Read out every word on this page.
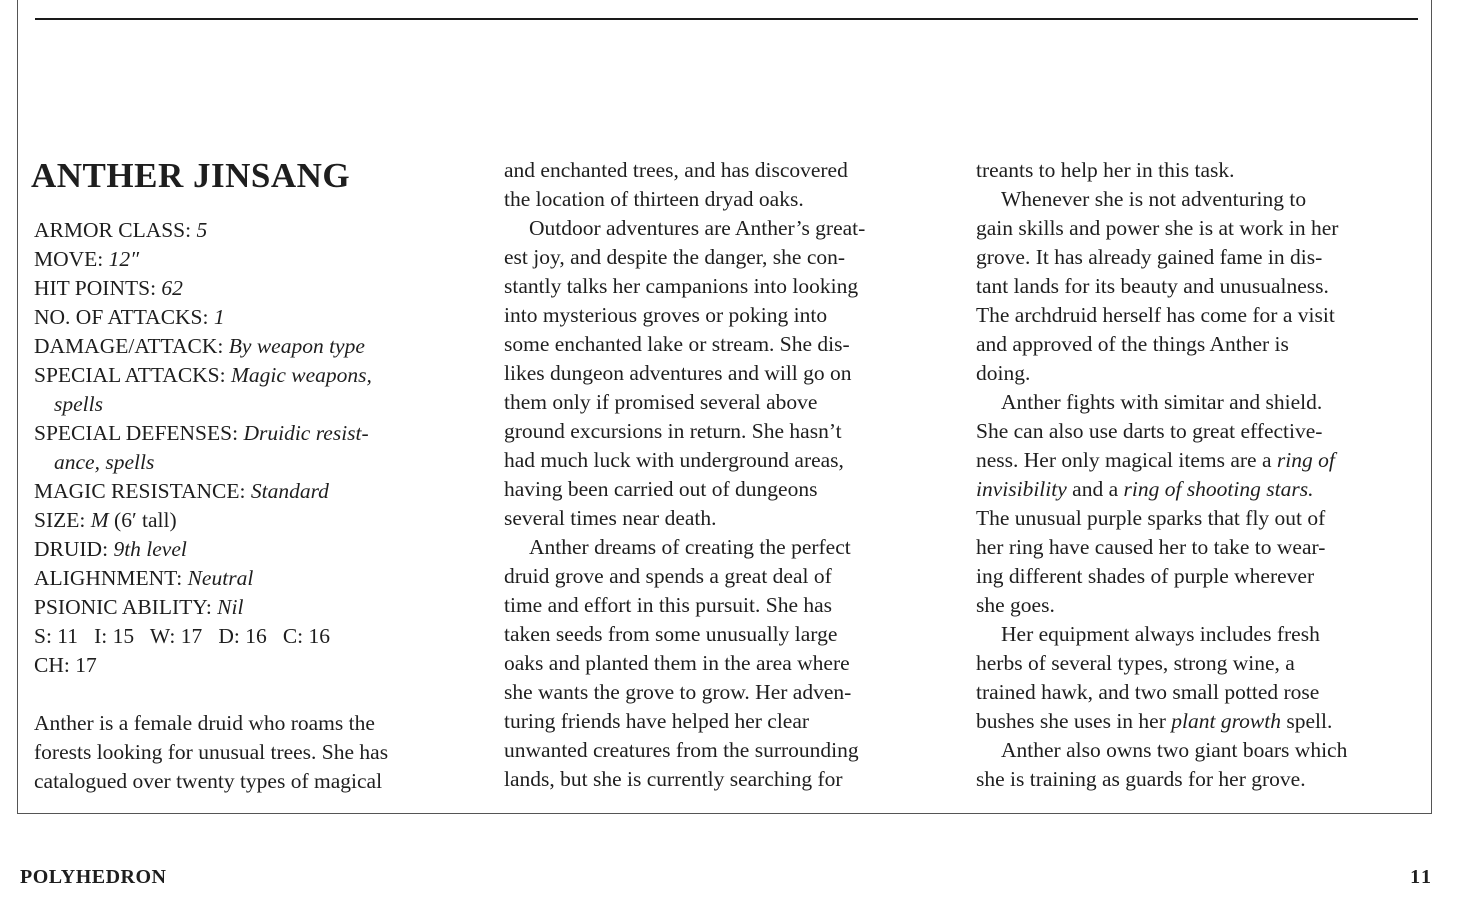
ANTHER JINSANG
ARMOR CLASS: 5
MOVE: 12″
HIT POINTS: 62
NO. OF ATTACKS: 1
DAMAGE/ATTACK: By weapon type
SPECIAL ATTACKS: Magic weapons,
spells
SPECIAL DEFENSES: Druidic resist-
ance, spells
MAGIC RESISTANCE: Standard
SIZE: M (6′ tall)
DRUID: 9th level
ALIGHNMENT: Neutral
PSIONIC ABILITY: Nil
S: 11   I: 15   W: 17   D: 16   C: 16
CH: 17
Anther is a female druid who roams the
forests looking for unusual trees. She has
catalogued over twenty types of magical
and enchanted trees, and has discovered
the location of thirteen dryad oaks.
Outdoor adventures are Anther’s great-
est joy, and despite the danger, she con-
stantly talks her campanions into looking
into mysterious groves or poking into
some enchanted lake or stream. She dis-
likes dungeon adventures and will go on
them only if promised several above
ground excursions in return. She hasn’t
had much luck with underground areas,
having been carried out of dungeons
several times near death.
Anther dreams of creating the perfect
druid grove and spends a great deal of
time and effort in this pursuit. She has
taken seeds from some unusually large
oaks and planted them in the area where
she wants the grove to grow. Her adven-
turing friends have helped her clear
unwanted creatures from the surrounding
lands, but she is currently searching for
treants to help her in this task.
Whenever she is not adventuring to
gain skills and power she is at work in her
grove. It has already gained fame in dis-
tant lands for its beauty and unusualness.
The archdruid herself has come for a visit
and approved of the things Anther is
doing.
Anther fights with simitar and shield.
She can also use darts to great effective-
ness. Her only magical items are a ring of
invisibility and a ring of shooting stars.
The unusual purple sparks that fly out of
her ring have caused her to take to wear-
ing different shades of purple wherever
she goes.
Her equipment always includes fresh
herbs of several types, strong wine, a
trained hawk, and two small potted rose
bushes she uses in her plant growth spell.
Anther also owns two giant boars which
she is training as guards for her grove.
POLYHEDRON	11
